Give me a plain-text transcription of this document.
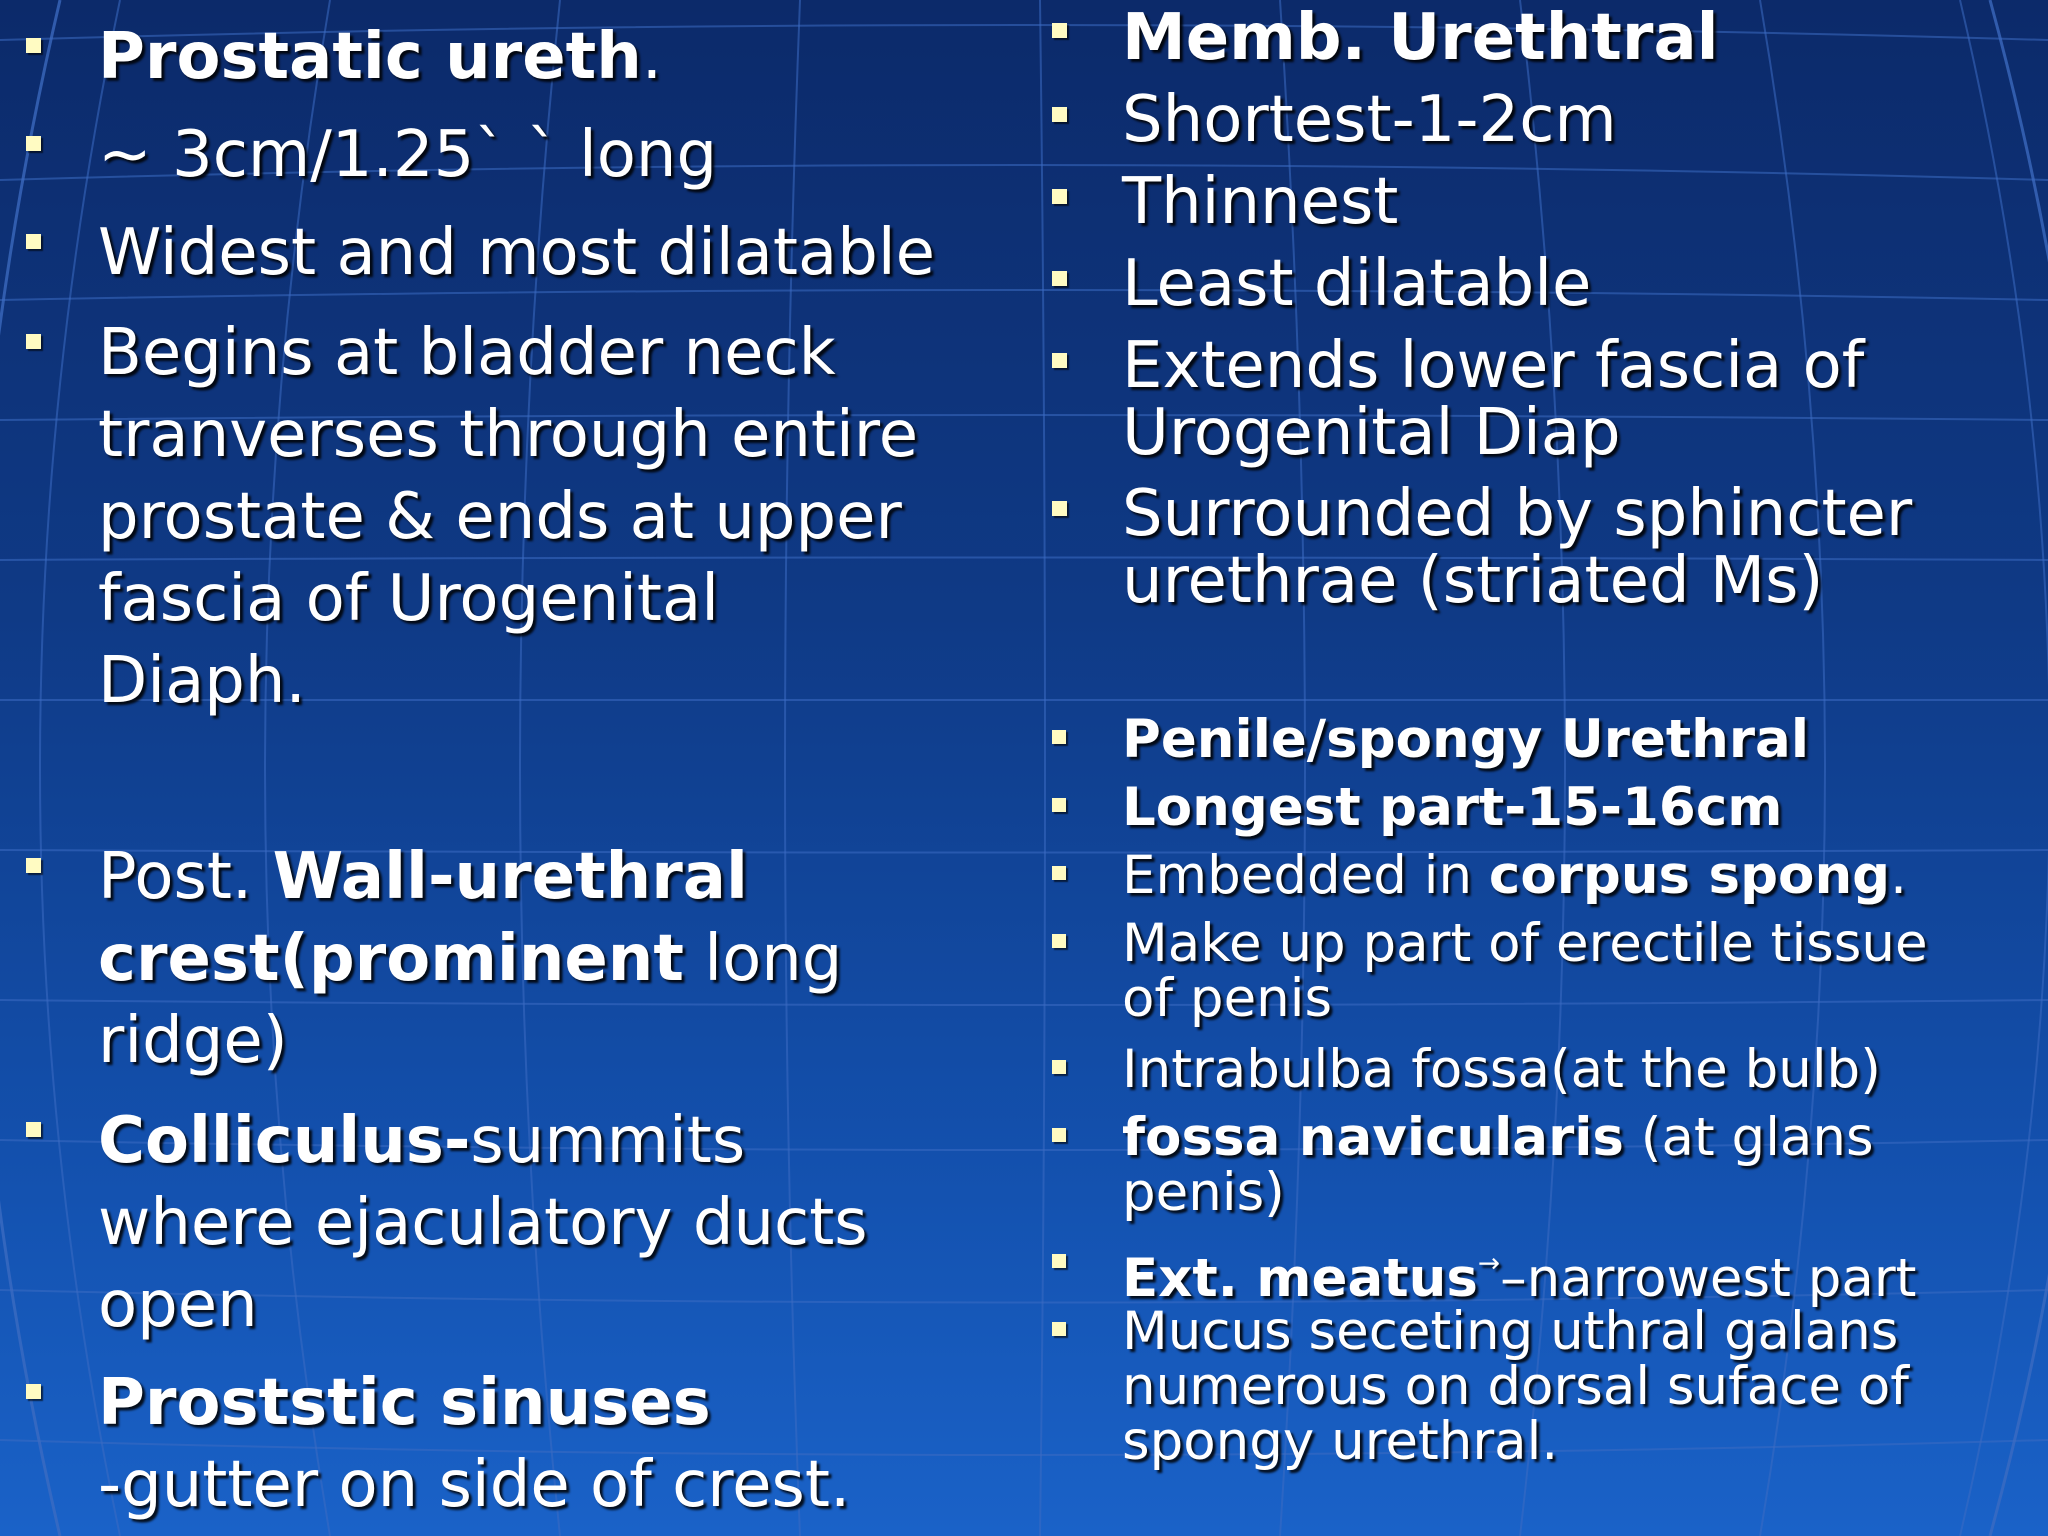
Prostatic ureth.
~ 3cm/1.25` ` long
Widest and most dilatable
Begins at bladder neck
tranverses through entire
prostate & ends at upper
fascia of Urogenital
Diaph.
Post. Wall-urethral
crest(prominent long
ridge)
Colliculus-summits
where ejaculatory ducts
open
Proststic sinuses
-gutter on side of crest.
Memb. Urethtral
Shortest-1-2cm
Thinnest
Least dilatable
Extends lower fascia of
Urogenital Diap
Surrounded by sphincter
urethrae (striated Ms)
Penile/spongy Urethral
Longest part-15-16cm
Embedded in corpus spong.
Make up part of erectile tissue
of penis
Intrabulba fossa(at the bulb)
fossa navicularis (at glans
penis)
Ext. meatus→–narrowest part
Mucus seceting uthral galans
numerous on dorsal suface of
spongy urethral.
